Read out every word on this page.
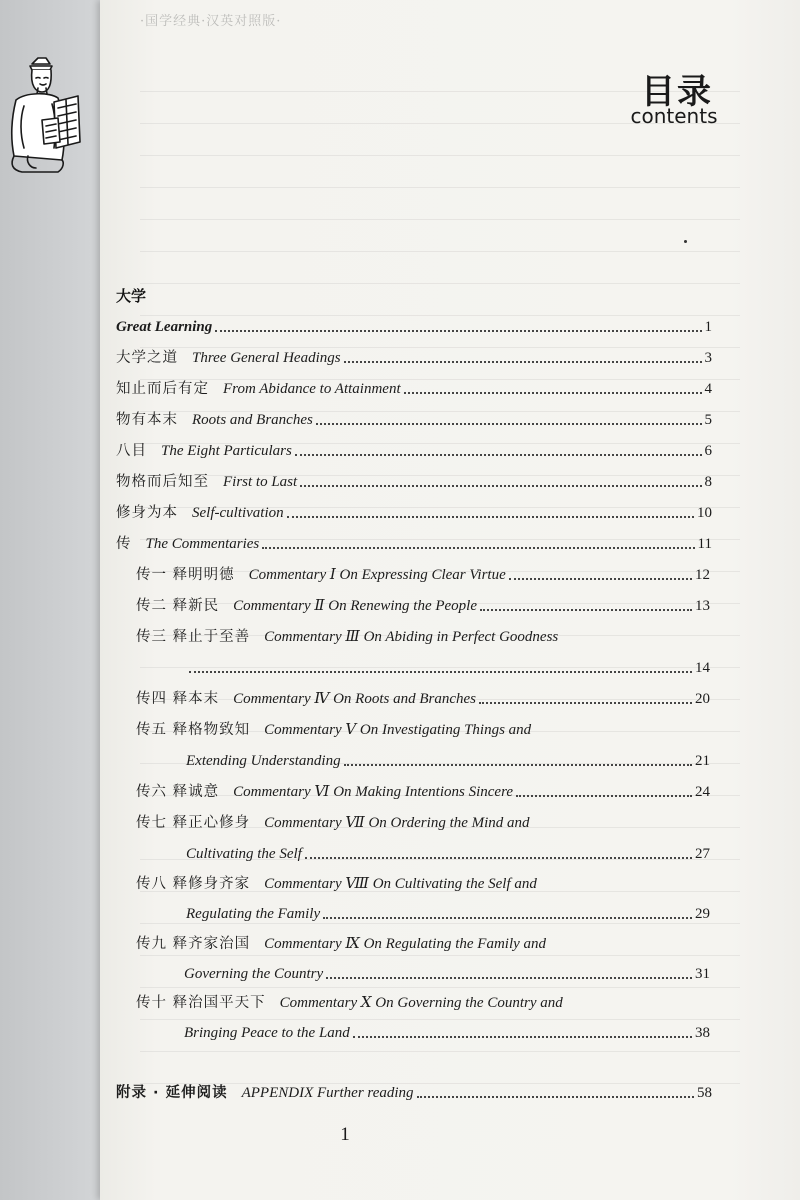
·国学经典·汉英对照版·
目录
contents
大学
Great Learning	1
大学之道 Three General Headings	3
知止而后有定 From Abidance to Attainment	4
物有本末 Roots and Branches	5
八目 The Eight Particulars	6
物格而后知至 First to Last	8
修身为本 Self-cultivation	10
传 The Commentaries	11
传一 释明明德 Commentary Ⅰ On Expressing Clear Virtue	12
传二 释新民 Commentary Ⅱ On Renewing the People	13
传三 释止于至善 Commentary Ⅲ On Abiding in Perfect Goodness
14
传四 释本末 Commentary Ⅳ On Roots and Branches	20
传五 释格物致知 Commentary Ⅴ On Investigating Things and
Extending Understanding	21
传六 释诚意 Commentary Ⅵ On Making Intentions Sincere	24
传七 释正心修身 Commentary Ⅶ On Ordering the Mind and
Cultivating the Self	27
传八 释修身齐家 Commentary Ⅷ On Cultivating the Self and
Regulating the Family	29
传九 释齐家治国 Commentary Ⅸ On Regulating the Family and
Governing the Country	31
传十 释治国平天下 Commentary Ⅹ On Governing the Country and
Bringing Peace to the Land	38
附录 · 延伸阅读 APPENDIX Further reading	58
1
